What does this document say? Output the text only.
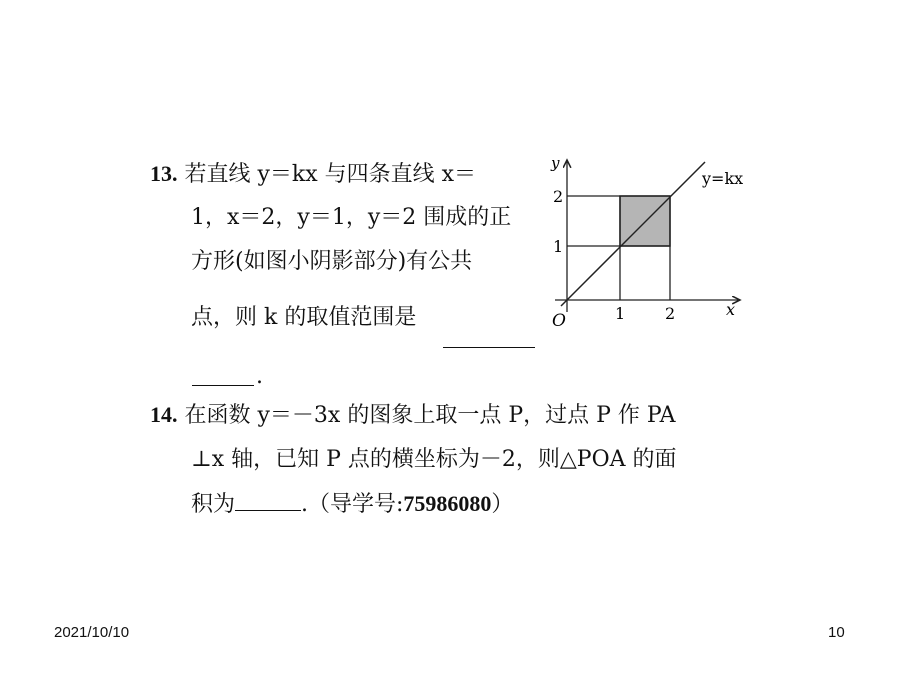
13. 若直线 y＝kx 与四条直线 x＝
1，x＝2，y＝1，y＝2 围成的正
方形(如图小阴影部分)有公共
点，则 k 的取值范围是
.
y
x
O
y=kx
1 2
1
2
14. 在函数 y＝－3x 的图象上取一点 P，过点 P 作 PA
⊥x 轴，已知 P 点的横坐标为－2，则△POA 的面
积为	.（导学号:75986080）
2021/10/10	10
